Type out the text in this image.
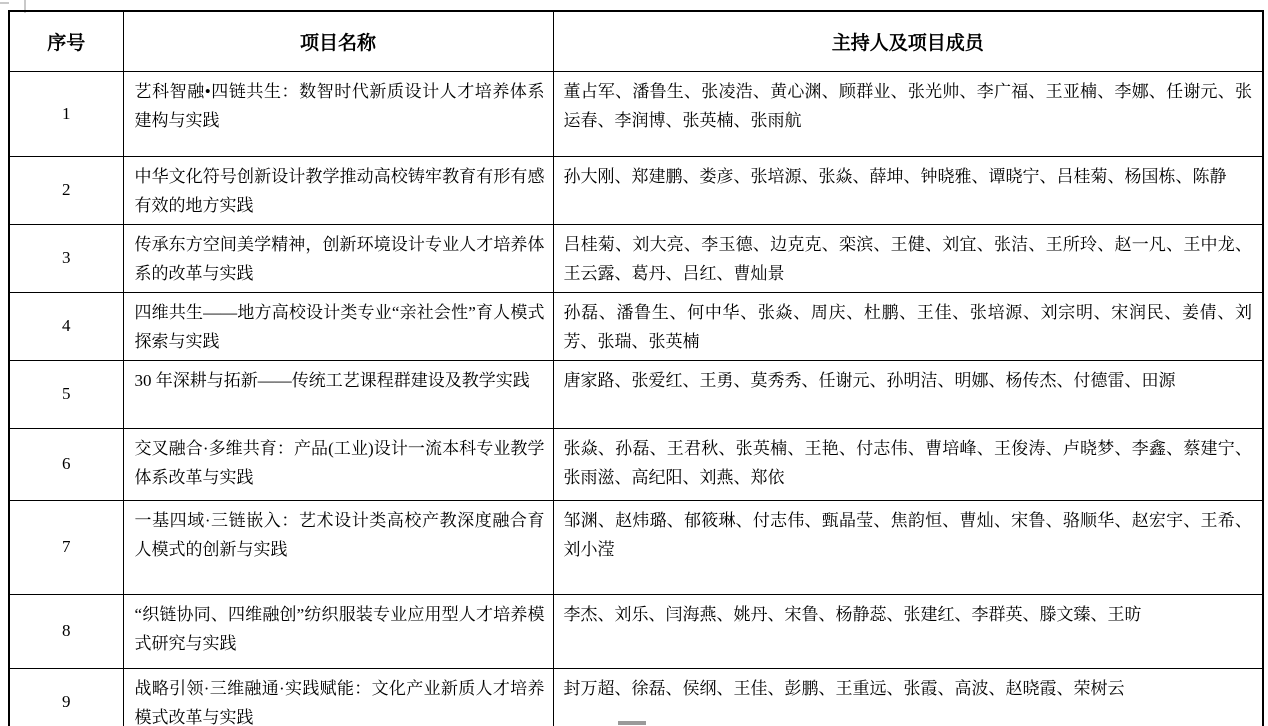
序号	项目名称	主持人及项目成员
1	艺科智融•四链共生：数智时代新质设计人才培养体系建构与实践	董占军、潘鲁生、张凌浩、黄心渊、顾群业、张光帅、李广福、王亚楠、李娜、任谢元、张运春、李润博、张英楠、张雨航
2	中华文化符号创新设计教学推动高校铸牢教育有形有感有效的地方实践	孙大刚、郑建鹏、娄彦、张培源、张焱、薛坤、钟晓雅、谭晓宁、吕桂菊、杨国栋、陈静
3	传承东方空间美学精神，创新环境设计专业人才培养体系的改革与实践	吕桂菊、刘大亮、李玉德、边克克、栾滨、王健、刘宜、张洁、王所玲、赵一凡、王中龙、王云露、葛丹、吕红、曹灿景
4	四维共生——地方高校设计类专业“亲社会性”育人模式探索与实践	孙磊、潘鲁生、何中华、张焱、周庆、杜鹏、王佳、张培源、刘宗明、宋润民、姜倩、刘芳、张瑞、张英楠
5	30 年深耕与拓新——传统工艺课程群建设及教学实践	唐家路、张爱红、王勇、莫秀秀、任谢元、孙明洁、明娜、杨传杰、付德雷、田源
6	交叉融合·多维共育：产品(工业)设计一流本科专业教学体系改革与实践	张焱、孙磊、王君秋、张英楠、王艳、付志伟、曹培峰、王俊涛、卢晓梦、李鑫、蔡建宁、张雨滋、高纪阳、刘燕、郑依
7	一基四域·三链嵌入：艺术设计类高校产教深度融合育人模式的创新与实践	邹渊、赵炜璐、郁筱琳、付志伟、甄晶莹、焦韵恒、曹灿、宋鲁、骆顺华、赵宏宇、王希、刘小滢
8	“织链协同、四维融创”纺织服装专业应用型人才培养模式研究与实践	李杰、刘乐、闫海燕、姚丹、宋鲁、杨静蕊、张建红、李群英、滕文臻、王昉
9	战略引领·三维融通·实践赋能：文化产业新质人才培养模式改革与实践	封万超、徐磊、侯纲、王佳、彭鹏、王重远、张霞、高波、赵晓霞、荣树云
